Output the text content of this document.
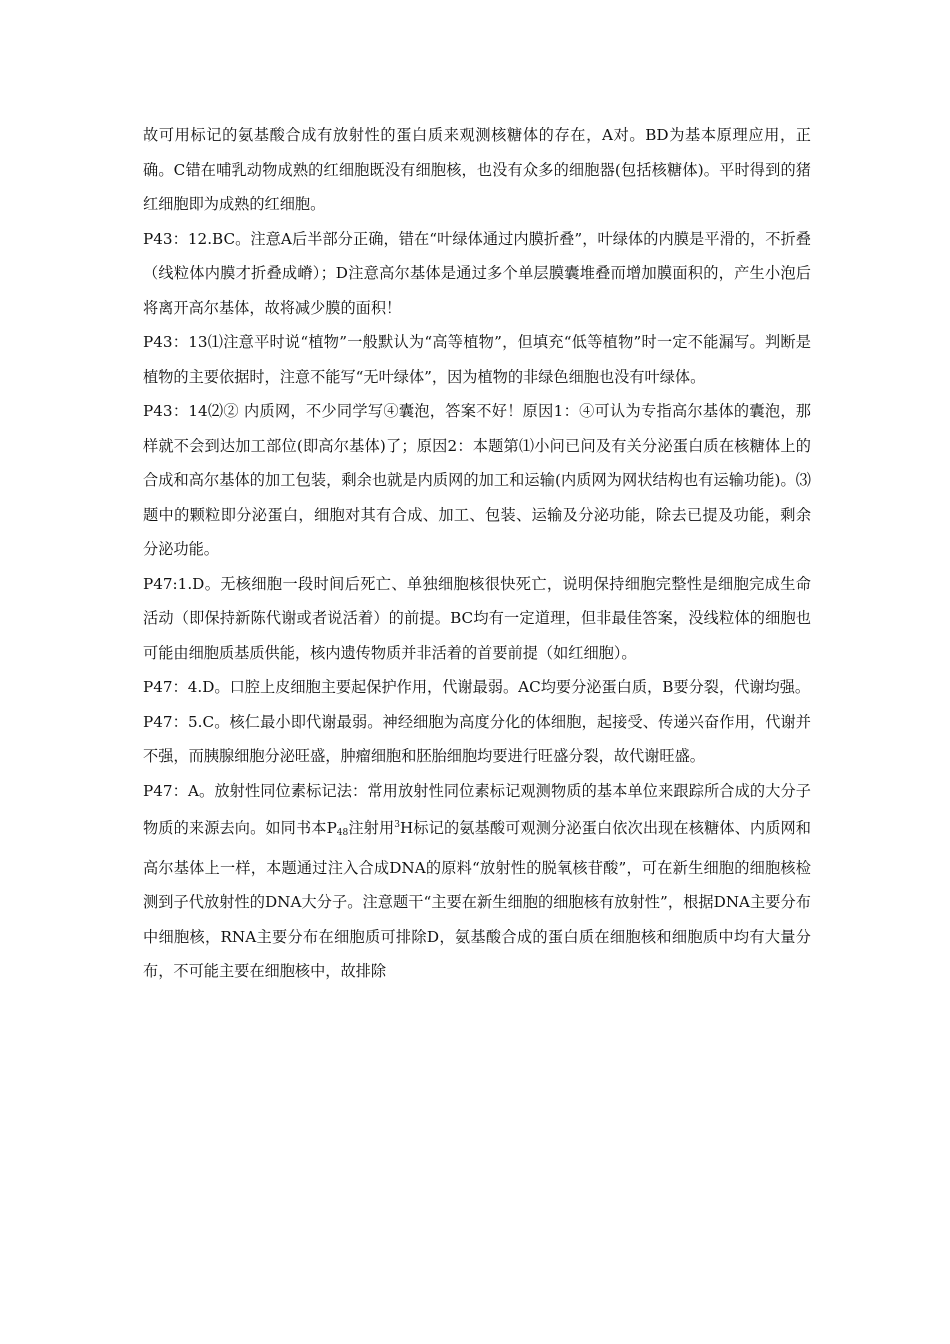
故可用标记的氨基酸合成有放射性的蛋白质来观测核糖体的存在，A对。BD为基本原理应用，正确。C错在哺乳动物成熟的红细胞既没有细胞核，也没有众多的细胞器(包括核糖体)。平时得到的猪红细胞即为成熟的红细胞。

P43：12.BC。注意A后半部分正确，错在“叶绿体通过内膜折叠”，叶绿体的内膜是平滑的，不折叠（线粒体内膜才折叠成嵴）；D注意高尔基体是通过多个单层膜囊堆叠而增加膜面积的，产生小泡后将离开高尔基体，故将减少膜的面积！

P43：13⑴注意平时说“植物”一般默认为“高等植物”，但填充“低等植物”时一定不能漏写。判断是植物的主要依据时，注意不能写“无叶绿体”，因为植物的非绿色细胞也没有叶绿体。

P43：14⑵② 内质网，不少同学写④囊泡，答案不好！原因1：④可认为专指高尔基体的囊泡，那样就不会到达加工部位(即高尔基体)了；原因2：本题第⑴小问已问及有关分泌蛋白质在核糖体上的合成和高尔基体的加工包装，剩余也就是内质网的加工和运输(内质网为网状结构也有运输功能)。⑶题中的颗粒即分泌蛋白，细胞对其有合成、加工、包装、运输及分泌功能，除去已提及功能，剩余分泌功能。

P47:1.D。无核细胞一段时间后死亡、单独细胞核很快死亡，说明保持细胞完整性是细胞完成生命活动（即保持新陈代谢或者说活着）的前提。BC均有一定道理，但非最佳答案，没线粒体的细胞也可能由细胞质基质供能，核内遗传物质并非活着的首要前提（如红细胞）。

P47：4.D。口腔上皮细胞主要起保护作用，代谢最弱。AC均要分泌蛋白质，B要分裂，代谢均强。

P47：5.C。核仁最小即代谢最弱。神经细胞为高度分化的体细胞，起接受、传递兴奋作用，代谢并不强，而胰腺细胞分泌旺盛，肿瘤细胞和胚胎细胞均要进行旺盛分裂，故代谢旺盛。

P47：A。放射性同位素标记法：常用放射性同位素标记观测物质的基本单位来跟踪所合成的大分子物质的来源去向。如同书本$P_{48}$注射用$^3$H标记的氨基酸可观测分泌蛋白依次出现在核糖体、内质网和高尔基体上一样，本题通过注入合成DNA的原料“放射性的脱氧核苷酸”，可在新生细胞的细胞核检测到子代放射性的DNA大分子。注意题干“主要在新生细胞的细胞核有放射性”，根据DNA主要分布中细胞核，RNA主要分布在细胞质可排除D，氨基酸合成的蛋白质在细胞核和细胞质中均有大量分布，不可能主要在细胞核中，故排除
